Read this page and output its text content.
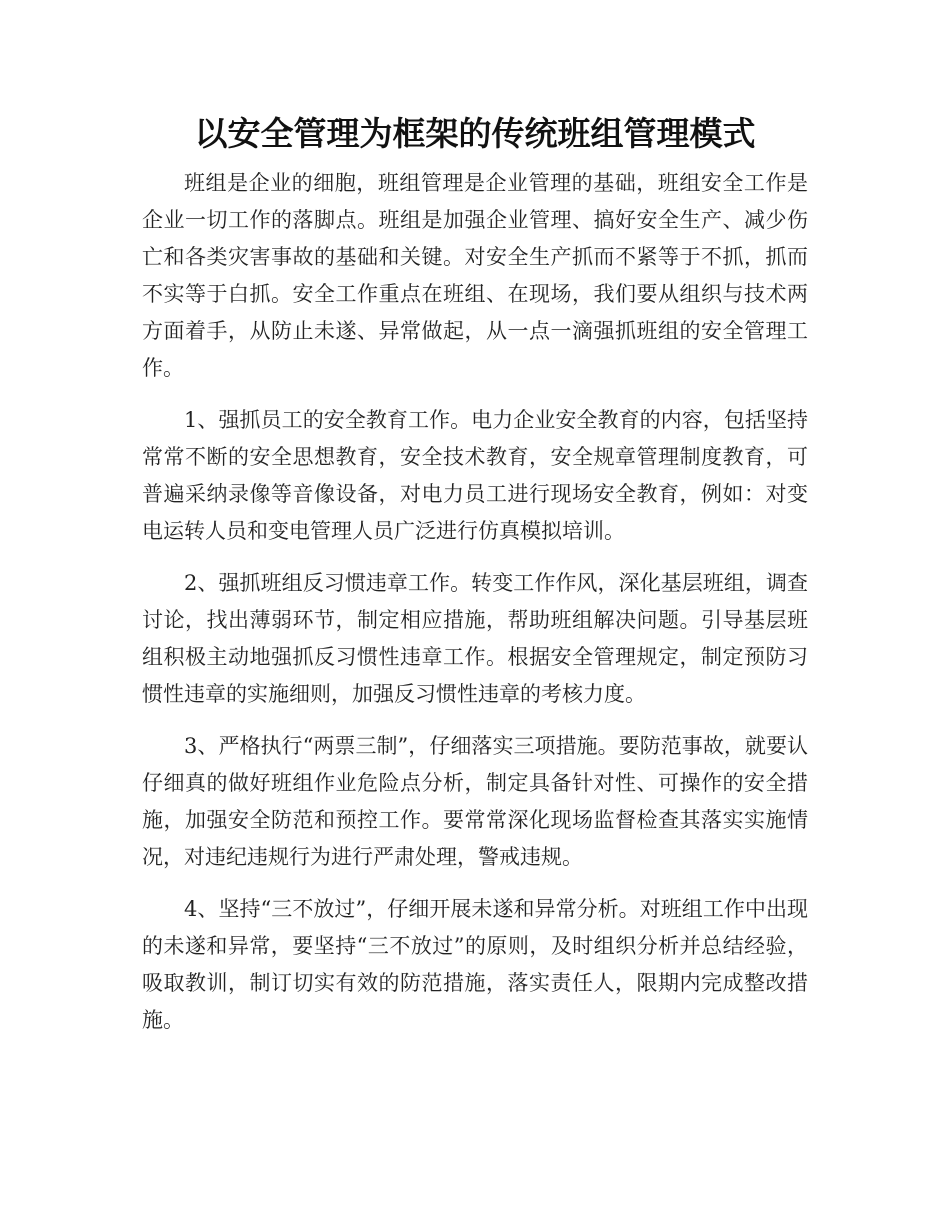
以安全管理为框架的传统班组管理模式

班组是企业的细胞，班组管理是企业管理的基础，班组安全工作是企业一切工作的落脚点。班组是加强企业管理、搞好安全生产、减少伤亡和各类灾害事故的基础和关键。对安全生产抓而不紧等于不抓，抓而不实等于白抓。安全工作重点在班组、在现场，我们要从组织与技术两方面着手，从防止未遂、异常做起，从一点一滴强抓班组的安全管理工作。

1、强抓员工的安全教育工作。电力企业安全教育的内容，包括坚持常常不断的安全思想教育，安全技术教育，安全规章管理制度教育，可普遍采纳录像等音像设备，对电力员工进行现场安全教育，例如：对变电运转人员和变电管理人员广泛进行仿真模拟培训。

2、强抓班组反习惯违章工作。转变工作作风，深化基层班组，调查讨论，找出薄弱环节，制定相应措施，帮助班组解决问题。引导基层班组积极主动地强抓反习惯性违章工作。根据安全管理规定，制定预防习惯性违章的实施细则，加强反习惯性违章的考核力度。

3、严格执行“两票三制”，仔细落实三项措施。要防范事故，就要认仔细真的做好班组作业危险点分析，制定具备针对性、可操作的安全措施，加强安全防范和预控工作。要常常深化现场监督检查其落实实施情况，对违纪违规行为进行严肃处理，警戒违规。

4、坚持“三不放过”，仔细开展未遂和异常分析。对班组工作中出现的未遂和异常，要坚持“三不放过”的原则，及时组织分析并总结经验，吸取教训，制订切实有效的防范措施，落实责任人，限期内完成整改措施。
